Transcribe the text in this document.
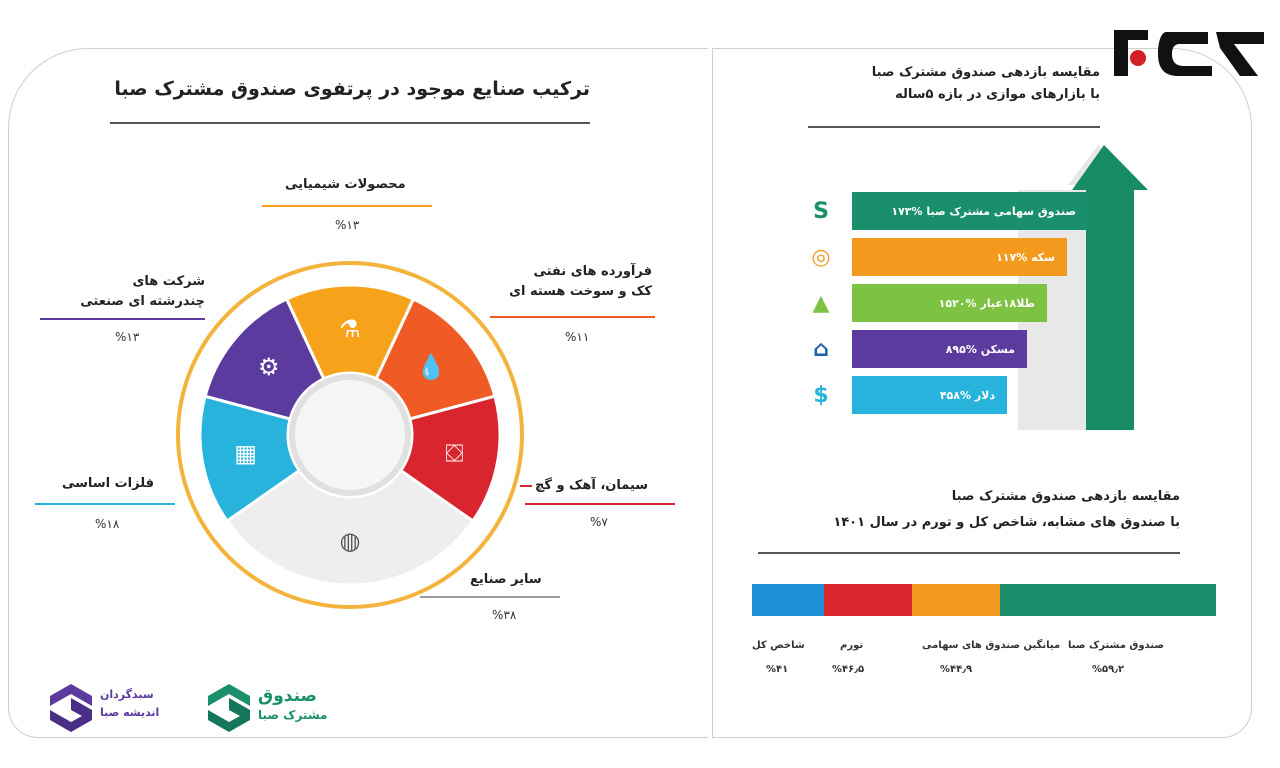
ترکیب صنایع موجود در پرتفوی صندوق مشترک صبا
⚗
💧
⛋
◍
▦
⚙
محصولات شیمیایی
%۱۳
فرآورده های نفتی
کک و سوخت هسته ای
%۱۱
سیمان، آهک و گچ
%۷
سایر صنایع
%۳۸
فلزات اساسی
%۱۸
شرکت های
چندرشته ای صنعتی
%۱۳
مقایسه بازدهی صندوق مشترک صبا
با بازارهای موازی در بازه ۵ساله
صندوق سهامی مشترک صبا %۱۷۳
سکه %۱۱۷
طلا۱۸عیار %۱۵۲۰
مسکن %۸۹۵
دلار %۴۵۸
S
◎
▲
⌂
$
مقایسه بازدهی صندوق مشترک صبا
با صندوق های مشابه، شاخص کل و تورم در سال ۱۴۰۱
صندوق مشترک صبا
%۵۹٫۲
میانگین صندوق های سهامی
%۴۴٫۹
تورم
%۴۶٫۵
شاخص کل
%۴۱
صندوق
مشترک صبا
سبدگردان
اندیشه صبا
